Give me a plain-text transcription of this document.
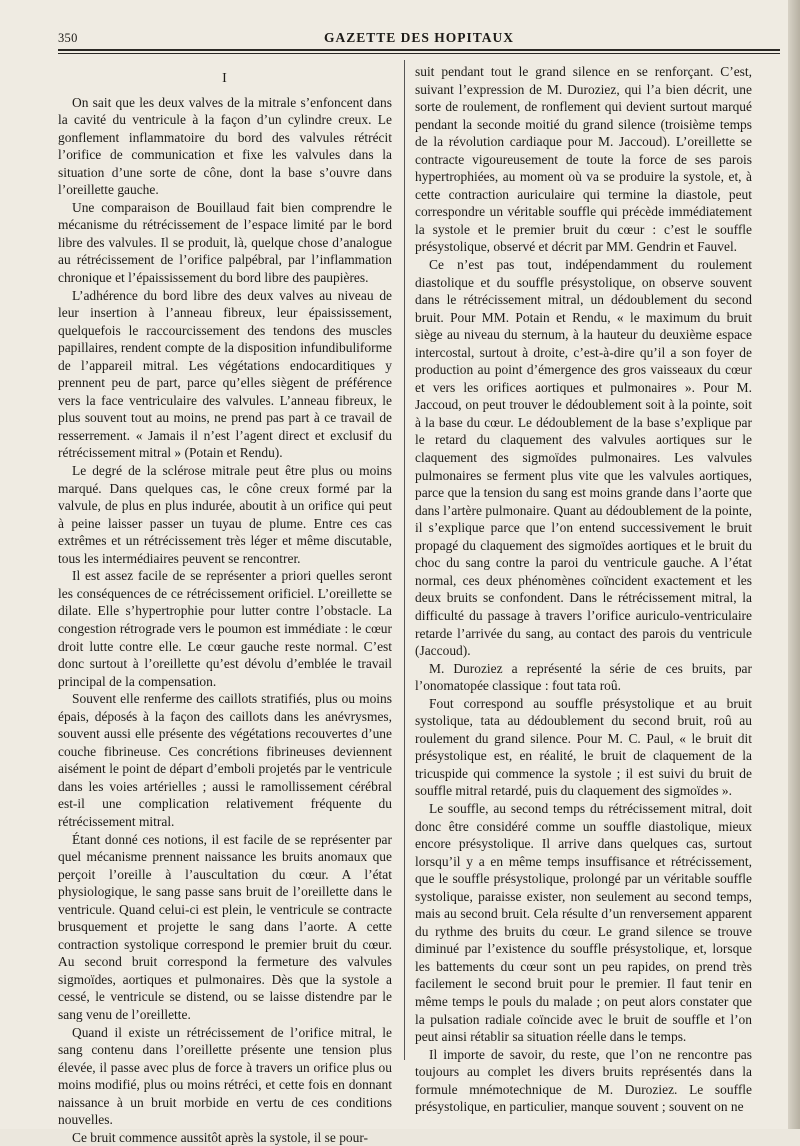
350	GAZETTE DES HOPITAUX
I

On sait que les deux valves de la mitrale s’enfoncent dans la cavité du ventricule à la façon d’un cylindre creux. Le gonflement inflammatoire du bord des valvules rétrécit l’orifice de communication et fixe les valvules dans la situation d’une sorte de cône, dont la base s’ouvre dans l’oreillette gauche.

Une comparaison de Bouillaud fait bien comprendre le mécanisme du rétrécissement de l’espace limité par le bord libre des valvules. Il se produit, là, quelque chose d’analogue au rétrécissement de l’orifice palpébral, par l’inflammation chronique et l’épaississement du bord libre des paupières.

L’adhérence du bord libre des deux valves au niveau de leur insertion à l’anneau fibreux, leur épaississement, quelquefois le raccourcissement des tendons des muscles papillaires, rendent compte de la disposition infundibuliforme de l’appareil mitral. Les végétations endocarditiques y prennent peu de part, parce qu’elles siègent de préférence vers la face ventriculaire des valvules. L’anneau fibreux, le plus souvent tout au moins, ne prend pas part à ce travail de resserrement. « Jamais il n’est l’agent direct et exclusif du rétrécissement mitral » (Potain et Rendu).

Le degré de la sclérose mitrale peut être plus ou moins marqué. Dans quelques cas, le cône creux formé par la valvule, de plus en plus indurée, aboutit à un orifice qui peut à peine laisser passer un tuyau de plume. Entre ces cas extrêmes et un rétrécissement très léger et même discutable, tous les intermédiaires peuvent se rencontrer.

Il est assez facile de se représenter a priori quelles seront les conséquences de ce rétrécissement orificiel. L’oreillette se dilate. Elle s’hypertrophie pour lutter contre l’obstacle. La congestion rétrograde vers le poumon est immédiate : le cœur droit lutte contre elle. Le cœur gauche reste normal. C’est donc surtout à l’oreillette qu’est dévolu d’emblée le travail principal de la compensation.

Souvent elle renferme des caillots stratifiés, plus ou moins épais, déposés à la façon des caillots dans les anévrysmes, souvent aussi elle présente des végétations recouvertes d’une couche fibrineuse. Ces concrétions fibrineuses deviennent aisément le point de départ d’emboli projetés par le ventricule dans les voies artérielles ; aussi le ramollissement cérébral est-il une complication relativement fréquente du rétrécissement mitral.

Étant donné ces notions, il est facile de se représenter par quel mécanisme prennent naissance les bruits anomaux que perçoit l’oreille à l’auscultation du cœur. A l’état physiologique, le sang passe sans bruit de l’oreillette dans le ventricule. Quand celui-ci est plein, le ventricule se contracte brusquement et projette le sang dans l’aorte. A cette contraction systolique correspond le premier bruit du cœur. Au second bruit correspond la fermeture des valvules sigmoïdes, aortiques et pulmonaires. Dès que la systole a cessé, le ventricule se distend, ou se laisse distendre par le sang venu de l’oreillette.

Quand il existe un rétrécissement de l’orifice mitral, le sang contenu dans l’oreillette présente une tension plus élevée, il passe avec plus de force à travers un orifice plus ou moins modifié, plus ou moins rétréci, et cette fois en donnant naissance à un bruit morbide en vertu de ces conditions nouvelles.

Ce bruit commence aussitôt après la systole, il se pour-

suit pendant tout le grand silence en se renforçant. C’est, suivant l’expression de M. Duroziez, qui l’a bien décrit, une sorte de roulement, de ronflement qui devient surtout marqué pendant la seconde moitié du grand silence (troisième temps de la révolution cardiaque pour M. Jaccoud). L’oreillette se contracte vigoureusement de toute la force de ses parois hypertrophiées, au moment où va se produire la systole, et, à cette contraction auriculaire qui termine la diastole, peut correspondre un véritable souffle qui précède immédiatement la systole et le premier bruit du cœur : c’est le souffle présystolique, observé et décrit par MM. Gendrin et Fauvel.

Ce n’est pas tout, indépendamment du roulement diastolique et du souffle présystolique, on observe souvent dans le rétrécissement mitral, un dédoublement du second bruit. Pour MM. Potain et Rendu, « le maximum du bruit siège au niveau du sternum, à la hauteur du deuxième espace intercostal, surtout à droite, c’est-à-dire qu’il a son foyer de production au point d’émergence des gros vaisseaux du cœur et vers les orifices aortiques et pulmonaires ». Pour M. Jaccoud, on peut trouver le dédoublement soit à la pointe, soit à la base du cœur. Le dédoublement de la base s’explique par le retard du claquement des valvules aortiques sur le claquement des sigmoïdes pulmonaires. Les valvules pulmonaires se ferment plus vite que les valvules aortiques, parce que la tension du sang est moins grande dans l’aorte que dans l’artère pulmonaire. Quant au dédoublement de la pointe, il s’explique parce que l’on entend successivement le bruit propagé du claquement des sigmoïdes aortiques et le bruit du choc du sang contre la paroi du ventricule gauche. A l’état normal, ces deux phénomènes coïncident exactement et les deux bruits se confondent. Dans le rétrécissement mitral, la difficulté du passage à travers l’orifice auriculo-ventriculaire retarde l’arrivée du sang, au contact des parois du ventricule (Jaccoud).

M. Duroziez a représenté la série de ces bruits, par l’onomatopée classique : fout tata roû.

Fout correspond au souffle présystolique et au bruit systolique, tata au dédoublement du second bruit, roû au roulement du grand silence. Pour M. C. Paul, « le bruit dit présystolique est, en réalité, le bruit de claquement de la tricuspide qui commence la systole ; il est suivi du bruit de souffle mitral retardé, puis du claquement des sigmoïdes ».

Le souffle, au second temps du rétrécissement mitral, doit donc être considéré comme un souffle diastolique, mieux encore présystolique. Il arrive dans quelques cas, surtout lorsqu’il y a en même temps insuffisance et rétrécissement, que le souffle présystolique, prolongé par un véritable souffle systolique, paraisse exister, non seulement au second temps, mais au second bruit. Cela résulte d’un renversement apparent du rythme des bruits du cœur. Le grand silence se trouve diminué par l’existence du souffle présystolique, et, lorsque les battements du cœur sont un peu rapides, on prend très facilement le second bruit pour le premier. Il faut tenir en même temps le pouls du malade ; on peut alors constater que la pulsation radiale coïncide avec le bruit de souffle et l’on peut ainsi rétablir sa situation réelle dans le temps.

Il importe de savoir, du reste, que l’on ne rencontre pas toujours au complet les divers bruits représentés dans la formule mnémotechnique de M. Duroziez. Le souffle présystolique, en particulier, manque souvent ; souvent on ne
